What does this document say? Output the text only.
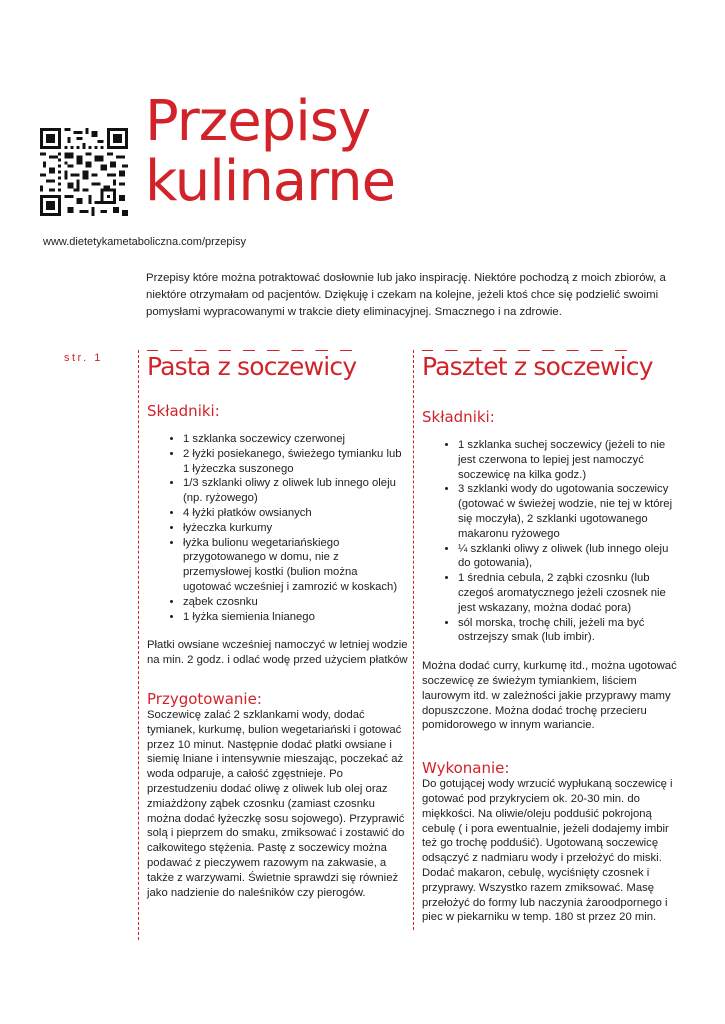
Przepisy
kulinarne
www.dietetykametaboliczna.com/przepisy

Przepisy które można potraktować dosłownie lub jako inspirację. Niektóre pochodzą z moich zbiorów, a niektóre otrzymałam od pacjentów. Dziękuję i czekam na kolejne, jeżeli ktoś chce się podzielić swoimi pomysłami wypracowanymi w trakcie diety eliminacyjnej. Smacznego i na zdrowie.

str. 1 Pasta z soczewicy
Składniki:
• 1 szklanka soczewicy czerwonej
• 2 łyżki posiekanego, świeżego tymianku lub 1 łyżeczka suszonego
• 1/3 szklanki oliwy z oliwek lub innego oleju (np. ryżowego)
• 4 łyżki płatków owsianych
• łyżeczka kurkumy
• łyżka bulionu wegetariańskiego przygotowanego w domu, nie z przemysłowej kostki (bulion można ugotować wcześniej i zamrozić w koskach)
• ząbek czosnku
• 1 łyżka siemienia lnianego

Płatki owsiane wcześniej namoczyć w letniej wodzie na min. 2 godz. i odlać wodę przed użyciem płatków

Przygotowanie:

Soczewicę zalać 2 szklankami wody, dodać tymianek, kurkumę, bulion wegetariański i gotować przez 10 minut. Następnie dodać płatki owsiane i siemię lniane i intensywnie mieszając, poczekać aż woda odparuje, a całość zgęstnieje. Po przestudzeniu dodać oliwę z oliwek lub olej oraz zmiażdżony ząbek czosnku (zamiast czosnku można dodać łyżeczkę sosu sojowego). Przyprawić solą i pieprzem do smaku, zmiksować i zostawić do całkowitego stężenia. Pastę z soczewicy można podawać z pieczywem razowym na zakwasie, a także z warzywami. Świetnie sprawdzi się również jako nadzienie do naleśników czy pierogów.

Pasztet z soczewicy
Składniki:
• 1 szklanka suchej soczewicy (jeżeli to nie jest czerwona to lepiej jest namoczyć soczewicę na kilka godz.)
• 3 szklanki wody do ugotowania soczewicy (gotować w świeżej wodzie, nie tej w której się moczyła), 2 szklanki ugotowanego makaronu ryżowego
• ¼ szklanki oliwy z oliwek (lub innego oleju do gotowania),
• 1 średnia cebula, 2 ząbki czosnku (lub czegoś aromatycznego jeżeli czosnek nie jest wskazany, można dodać pora)
• sól morska, trochę chili, jeżeli ma być ostrzejszy smak (lub imbir).

Można dodać curry, kurkumę itd., można ugotować soczewicę ze świeżym tymiankiem, liściem laurowym itd. w zależności jakie przyprawy mamy dopuszczone. Można dodać trochę przecieru pomidorowego w innym wariancie.

Wykonanie:

Do gotującej wody wrzucić wypłukaną soczewicę i gotować pod przykryciem ok. 20-30 min. do miękkości. Na oliwie/oleju podduśić pokrojoną cebulę ( i pora ewentualnie, jeżeli dodajemy imbir też go trochę podduśić). Ugotowaną soczewicę odsączyć z nadmiaru wody i przełożyć do miski. Dodać makaron, cebulę, wyciśnięty czosnek i przyprawy. Wszystko razem zmiksować. Masę przełożyć do formy lub naczynia żaroodpornego i piec w piekarniku w temp. 180 st przez 20 min.
